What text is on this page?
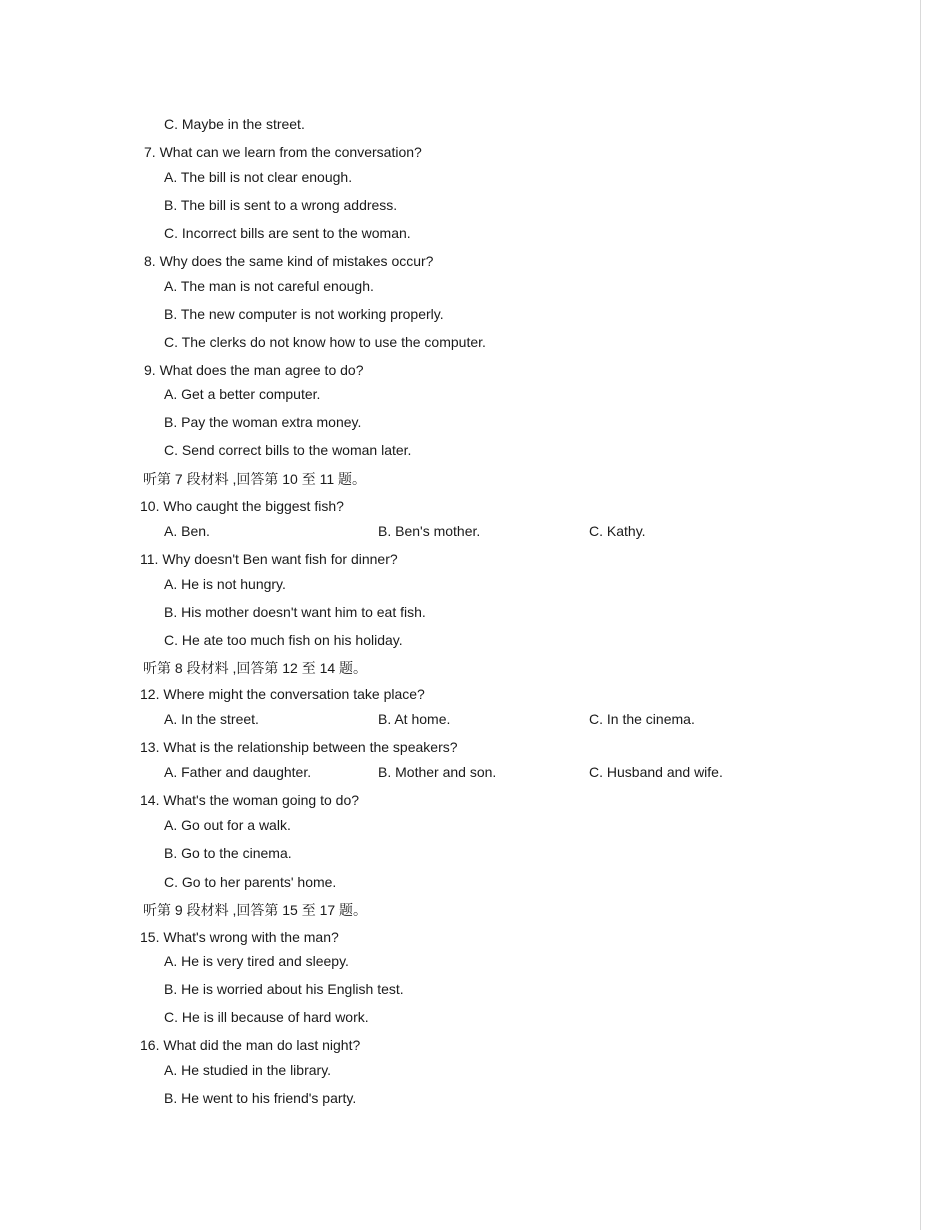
C. Maybe in the street.
7. What can we learn from the conversation?
A. The bill is not clear enough.
B. The bill is sent to a wrong address.
C. Incorrect bills are sent to the woman.
8. Why does the same kind of mistakes occur?
A. The man is not careful enough.
B. The new computer is not working properly.
C. The clerks do not know how to use the computer.
9. What does the man agree to do?
A. Get a better computer.
B. Pay the woman extra money.
C. Send correct bills to the woman later.
听第 7 段材料 ,回答第 10 至 11 题。
10. Who caught the biggest fish?
A. Ben.	B. Ben's mother.	C. Kathy.
11. Why doesn't Ben want fish for dinner?
A. He is not hungry.
B. His mother doesn't want him to eat fish.
C. He ate too much fish on his holiday.
听第 8 段材料 ,回答第 12 至 14 题。
12. Where might the conversation take place?
A. In the street.	B. At home.	C. In the cinema.
13. What is the relationship between the speakers?
A. Father and daughter.	B. Mother and son.	C. Husband and wife.
14. What's the woman going to do?
A. Go out for a walk.
B. Go to the cinema.
C. Go to her parents' home.
听第 9 段材料 ,回答第 15 至 17 题。
15. What's wrong with the man?
A. He is very tired and sleepy.
B. He is worried about his English test.
C. He is ill because of hard work.
16. What did the man do last night?
A. He studied in the library.
B. He went to his friend's party.
